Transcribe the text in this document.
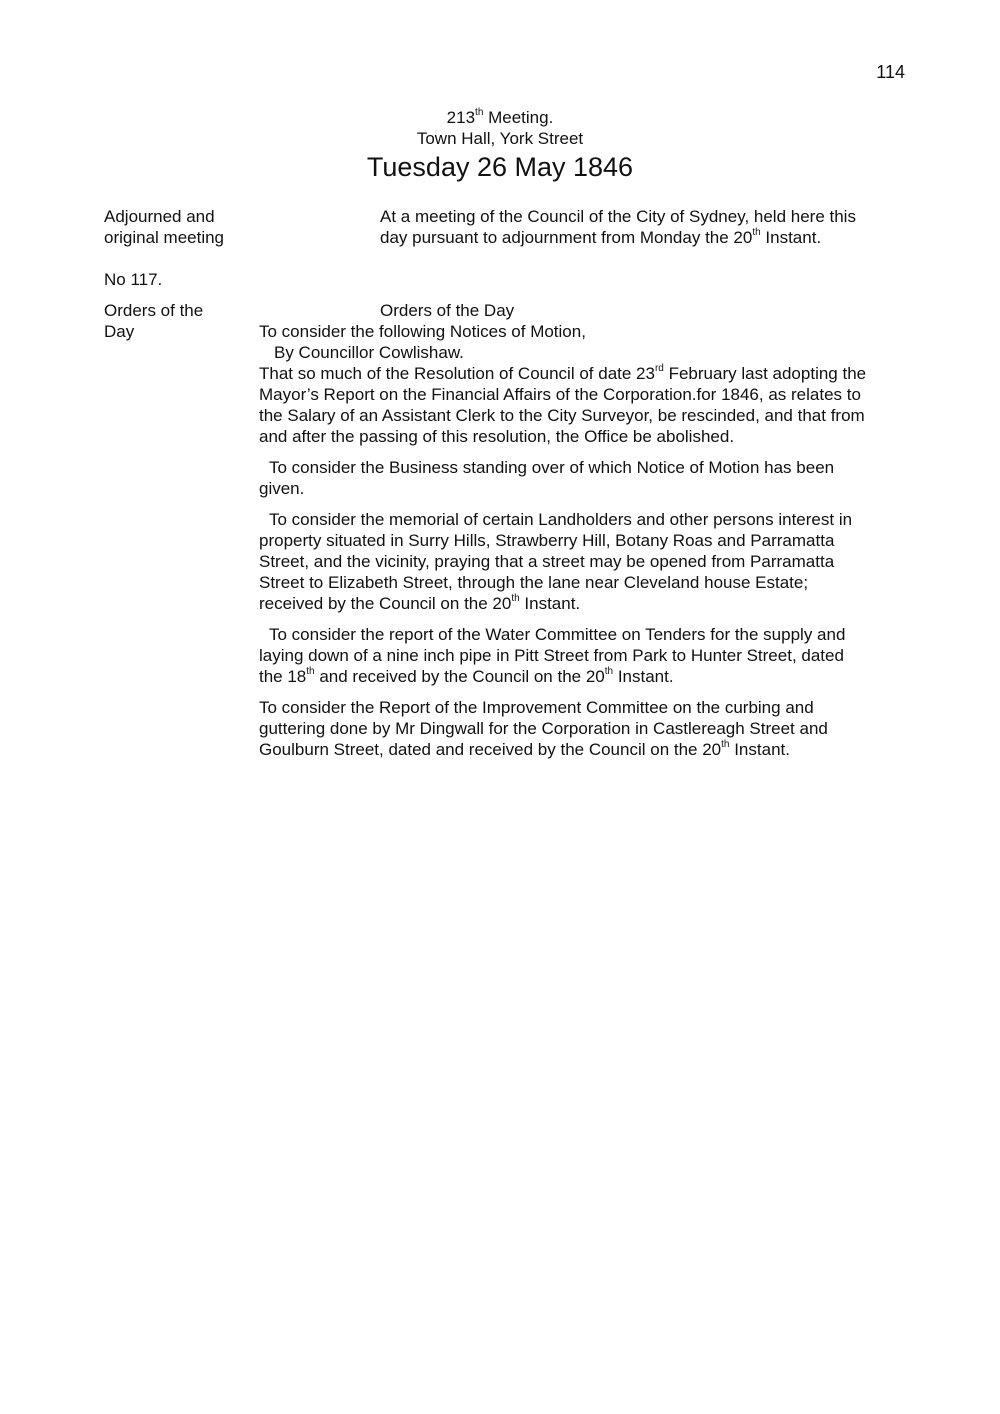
114
213th Meeting.
Town Hall, York Street
Tuesday 26 May 1846
Adjourned and
original meeting
At a meeting of the Council of the City of Sydney, held here this
day pursuant to adjournment from Monday the 20th Instant.
No 117.
Orders of the
Day
Orders of the Day

To consider the following Notices of Motion,
By Councillor Cowlishaw.
That so much of the Resolution of Council of date 23rd February last adopting the
Mayor’s Report on the Financial Affairs of the Corporation.for 1846, as relates to
the Salary of an Assistant Clerk to the City Surveyor, be rescinded, and that from
and after the passing of this resolution, the Office be abolished.

To consider the Business standing over of which Notice of Motion has been
given.

To consider the memorial of certain Landholders and other persons interest in
property situated in Surry Hills, Strawberry Hill, Botany Roas and Parramatta
Street, and the vicinity, praying that a street may be opened from Parramatta
Street to Elizabeth Street, through the lane near Cleveland house Estate;
received by the Council on the 20th Instant.

To consider the report of the Water Committee on Tenders for the supply and
laying down of a nine inch pipe in Pitt Street from Park to Hunter Street, dated
the 18th and received by the Council on the 20th Instant.

To consider the Report of the Improvement Committee on the curbing and
guttering done by Mr Dingwall for the Corporation in Castlereagh Street and
Goulburn Street, dated and received by the Council on the 20th Instant.
